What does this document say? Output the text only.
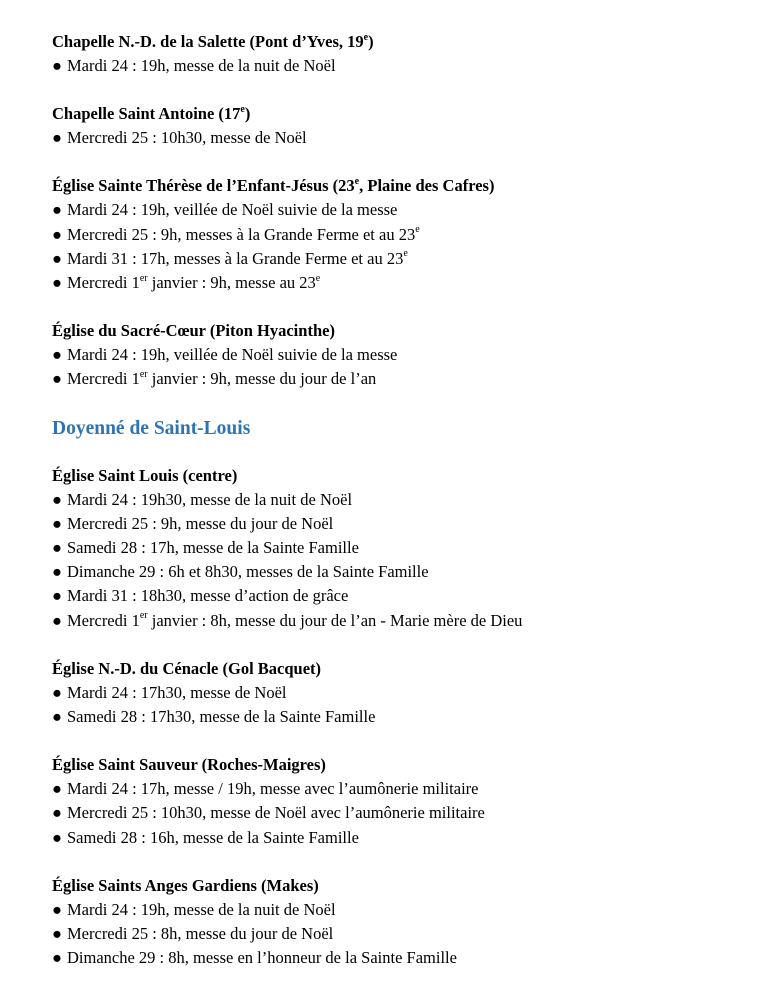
Chapelle N.-D. de la Salette (Pont d’Yves, 19e)
● Mardi 24 : 19h, messe de la nuit de Noël
Chapelle Saint Antoine (17e)
● Mercredi 25 : 10h30, messe de Noël
Église Sainte Thérèse de l’Enfant-Jésus (23e, Plaine des Cafres)
● Mardi 24 : 19h, veillée de Noël suivie de la messe
● Mercredi 25 : 9h, messes à la Grande Ferme et au 23e
● Mardi 31 : 17h, messes à la Grande Ferme et au 23e
● Mercredi 1er janvier : 9h, messe au 23e
Église du Sacré-Cœur (Piton Hyacinthe)
● Mardi 24 : 19h, veillée de Noël suivie de la messe
● Mercredi 1er janvier : 9h, messe du jour de l’an
Doyenné de Saint-Louis
Église Saint Louis (centre)
● Mardi 24 : 19h30, messe de la nuit de Noël
● Mercredi 25 : 9h, messe du jour de Noël
● Samedi 28 : 17h, messe de la Sainte Famille
● Dimanche 29 : 6h et 8h30, messes de la Sainte Famille
● Mardi 31 : 18h30, messe d’action de grâce
● Mercredi 1er janvier : 8h, messe du jour de l’an - Marie mère de Dieu
Église N.-D. du Cénacle (Gol Bacquet)
● Mardi 24 : 17h30, messe de Noël
● Samedi 28 : 17h30, messe de la Sainte Famille
Église Saint Sauveur (Roches-Maigres)
● Mardi 24 : 17h, messe / 19h, messe avec l’aumônerie militaire
● Mercredi 25 : 10h30, messe de Noël avec l’aumônerie militaire
● Samedi 28 : 16h, messe de la Sainte Famille
Église Saints Anges Gardiens (Makes)
● Mardi 24 : 19h, messe de la nuit de Noël
● Mercredi 25 : 8h, messe du jour de Noël
● Dimanche 29 : 8h, messe en l’honneur de la Sainte Famille
